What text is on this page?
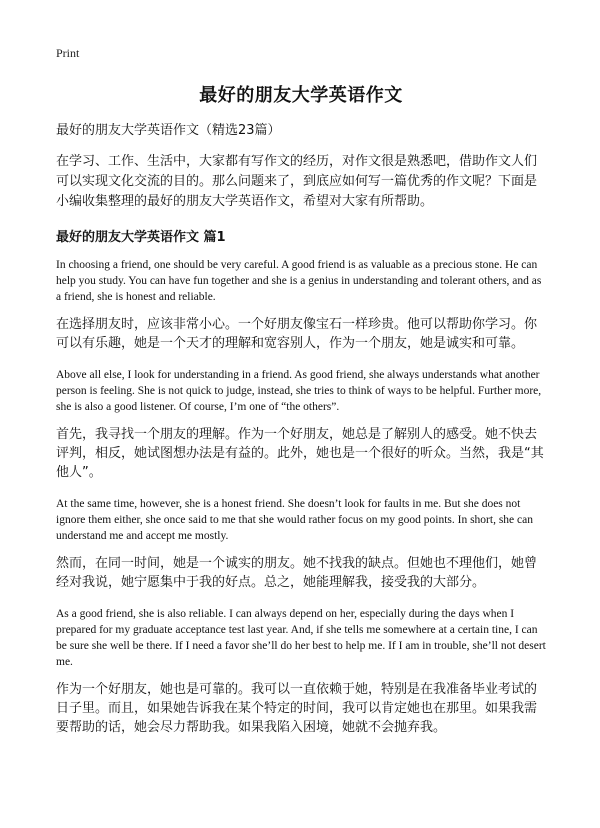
Print
最好的朋友大学英语作文
最好的朋友大学英语作文（精选23篇）

在学习、工作、生活中，大家都有写作文的经历，对作文很是熟悉吧，借助作文人们可以实现文化交流的目的。那么问题来了，到底应如何写一篇优秀的作文呢？下面是小编收集整理的最好的朋友大学英语作文，希望对大家有所帮助。

最好的朋友大学英语作文 篇1

In choosing a friend, one should be very careful. A good friend is as valuable as a precious stone. He can help you study. You can have fun together and she is a genius in understanding and tolerant others, and as a friend, she is honest and reliable.

在选择朋友时，应该非常小心。一个好朋友像宝石一样珍贵。他可以帮助你学习。你可以有乐趣，她是一个天才的理解和宽容别人，作为一个朋友，她是诚实和可靠。

Above all else, I look for understanding in a friend. As good friend, she always understands what another person is feeling. She is not quick to judge, instead, she tries to think of ways to be helpful. Further more, she is also a good listener. Of course, I’m one of “the others”.

首先，我寻找一个朋友的理解。作为一个好朋友，她总是了解别人的感受。她不快去评判，相反，她试图想办法是有益的。此外，她也是一个很好的听众。当然，我是“其他人”。

At the same time, however, she is a honest friend. She doesn’t look for faults in me. But she does not ignore them either, she once said to me that she would rather focus on my good points. In short, she can understand me and accept me mostly.

然而，在同一时间，她是一个诚实的朋友。她不找我的缺点。但她也不理他们，她曾经对我说，她宁愿集中于我的好点。总之，她能理解我，接受我的大部分。

As a good friend, she is also reliable. I can always depend on her, especially during the days when I prepared for my graduate acceptance test last year. And, if she tells me somewhere at a certain tine, I can be sure she well be there. If I need a favor she’ll do her best to help me. If I am in trouble, she’ll not desert me.

作为一个好朋友，她也是可靠的。我可以一直依赖于她，特别是在我准备毕业考试的日子里。而且，如果她告诉我在某个特定的时间，我可以肯定她也在那里。如果我需要帮助的话，她会尽力帮助我。如果我陷入困境，她就不会抛弃我。
